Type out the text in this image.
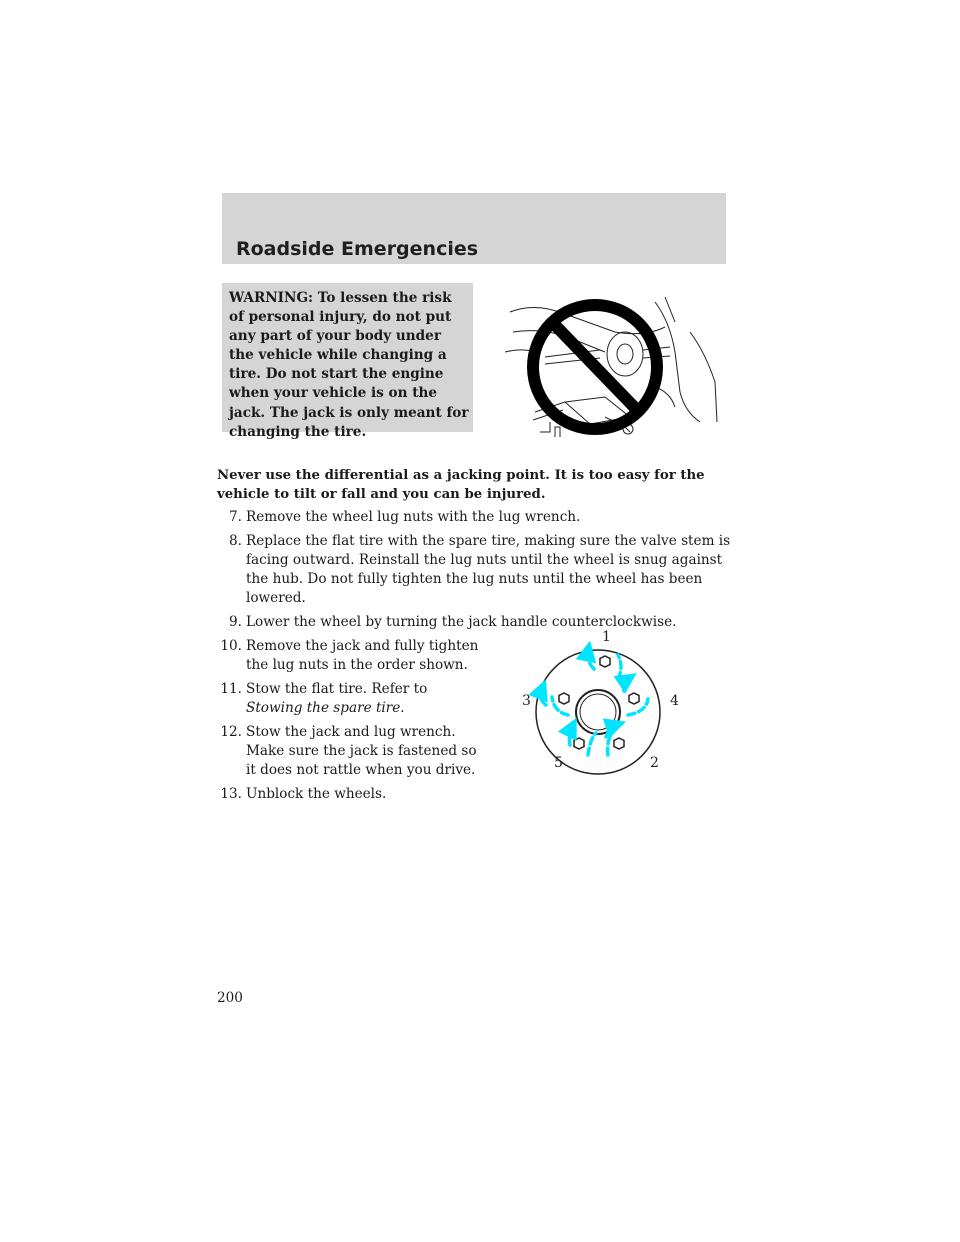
Roadside Emergencies

WARNING: To lessen the risk of personal injury, do not put any part of your body under the vehicle while changing a tire. Do not start the engine when your vehicle is on the jack. The jack is only meant for changing the tire.

Never use the differential as a jacking point. It is too easy for the vehicle to tilt or fall and you can be injured.

7. Remove the wheel lug nuts with the lug wrench.
8. Replace the flat tire with the spare tire, making sure the valve stem is facing outward. Reinstall the lug nuts until the wheel is snug against the hub. Do not fully tighten the lug nuts until the wheel has been lowered.
9. Lower the wheel by turning the jack handle counterclockwise.
10. Remove the jack and fully tighten the lug nuts in the order shown.
11. Stow the flat tire. Refer to Stowing the spare tire.
12. Stow the jack and lug wrench. Make sure the jack is fastened so it does not rattle when you drive.
13. Unblock the wheels.
1
3	4
5	2

200
